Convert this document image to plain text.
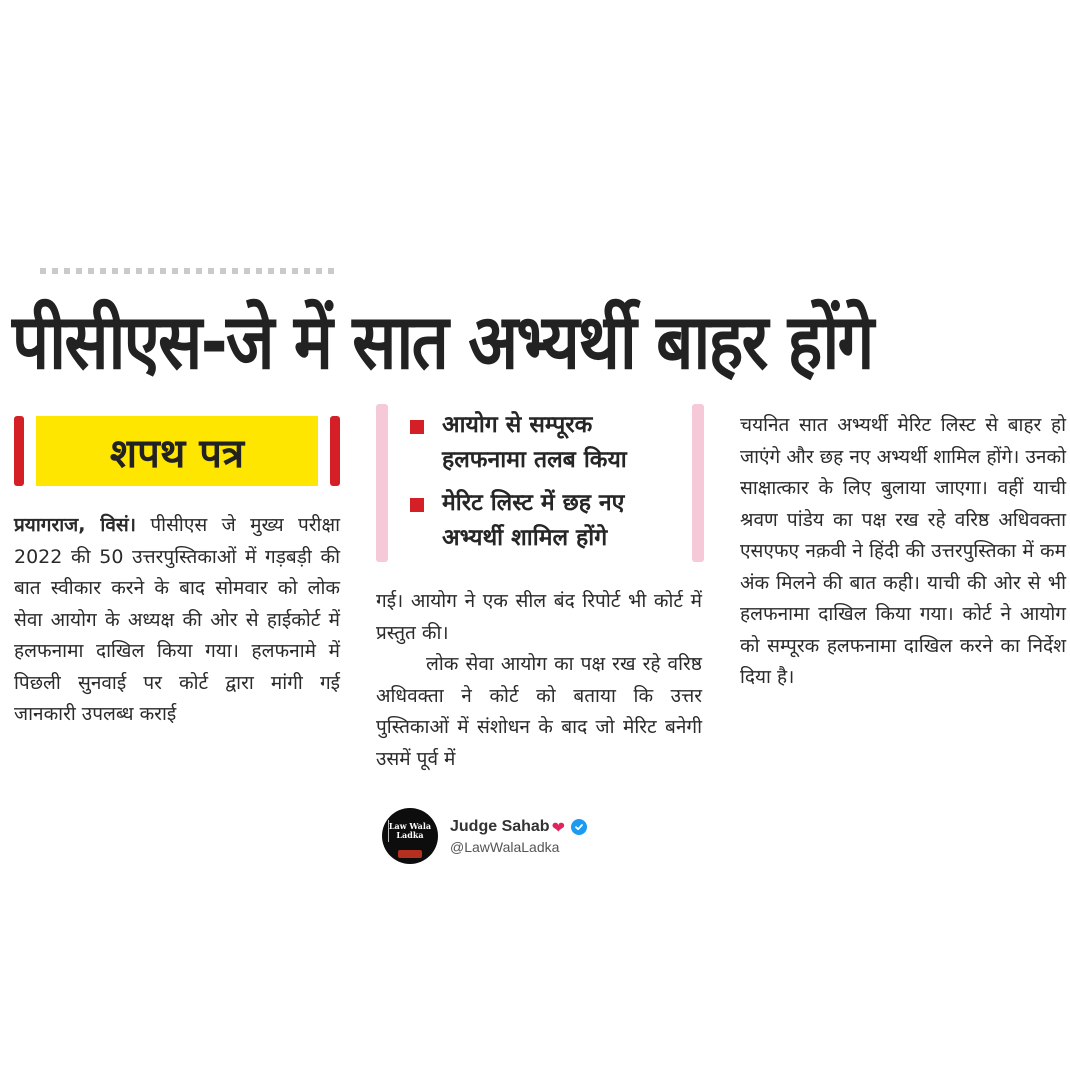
पीसीएस-जे में सात अभ्यर्थी बाहर होंगे
शपथ पत्र

प्रयागराज, विसं। पीसीएस जे मुख्य परीक्षा 2022 की 50 उत्तरपुस्तिकाओं में गड़बड़ी की बात स्वीकार करने के बाद सोमवार को लोक सेवा आयोग के अध्यक्ष की ओर से हाईकोर्ट में हलफनामा दाखिल किया गया। हलफनामे में पिछली सुनवाई पर कोर्ट द्वारा मांगी गई जानकारी उपलब्ध कराई

आयोग से सम्पूरक हलफनामा तलब किया
मेरिट लिस्ट में छह नए अभ्यर्थी शामिल होंगे

गई। आयोग ने एक सील बंद रिपोर्ट भी कोर्ट में प्रस्तुत की।

लोक सेवा आयोग का पक्ष रख रहे वरिष्ठ अधिवक्ता ने कोर्ट को बताया कि उत्तर पुस्तिकाओं में संशोधन के बाद जो मेरिट बनेगी उसमें पूर्व में

चयनित सात अभ्यर्थी मेरिट लिस्ट से बाहर हो जाएंगे और छह नए अभ्यर्थी शामिल होंगे। उनको साक्षात्कार के लिए बुलाया जाएगा। वहीं याची श्रवण पांडेय का पक्ष रख रहे वरिष्ठ अधिवक्ता एसएफए नक़वी ने हिंदी की उत्तरपुस्तिका में कम अंक मिलने की बात कही। याची की ओर से भी हलफनामा दाखिल किया गया। कोर्ट ने आयोग को सम्पूरक हलफनामा दाखिल करने का निर्देश दिया है।

Law Wala Ladka	Judge Sahab ❤
@LawWalaLadka
